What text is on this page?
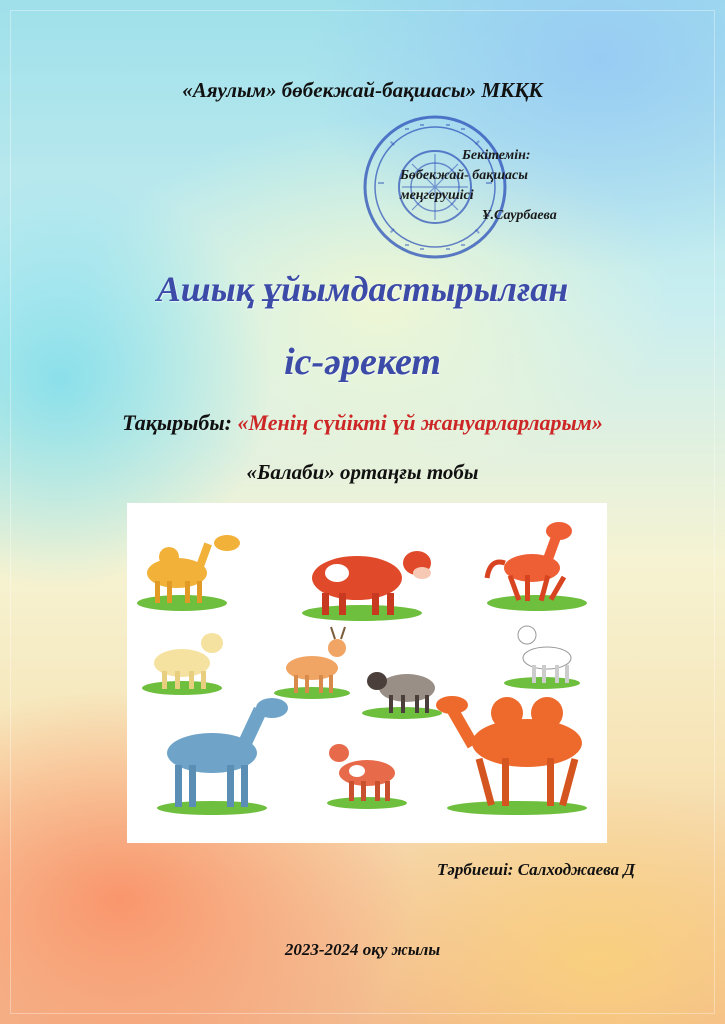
«Аяулым» бөбекжай-бақшасы» МКҚК
Бекітемін:
Бөбекжай- бақшасы
меңгерушісі
Ұ.Саурбаева
Ашық ұйымдастырылған
іс-әрекет
Тақырыбы: «Менің сүйікті үй жануарларларым»
«Балаби» ортаңғы тобы
Тәрбиеші: Салходжаева Д
2023-2024 оқу жылы
